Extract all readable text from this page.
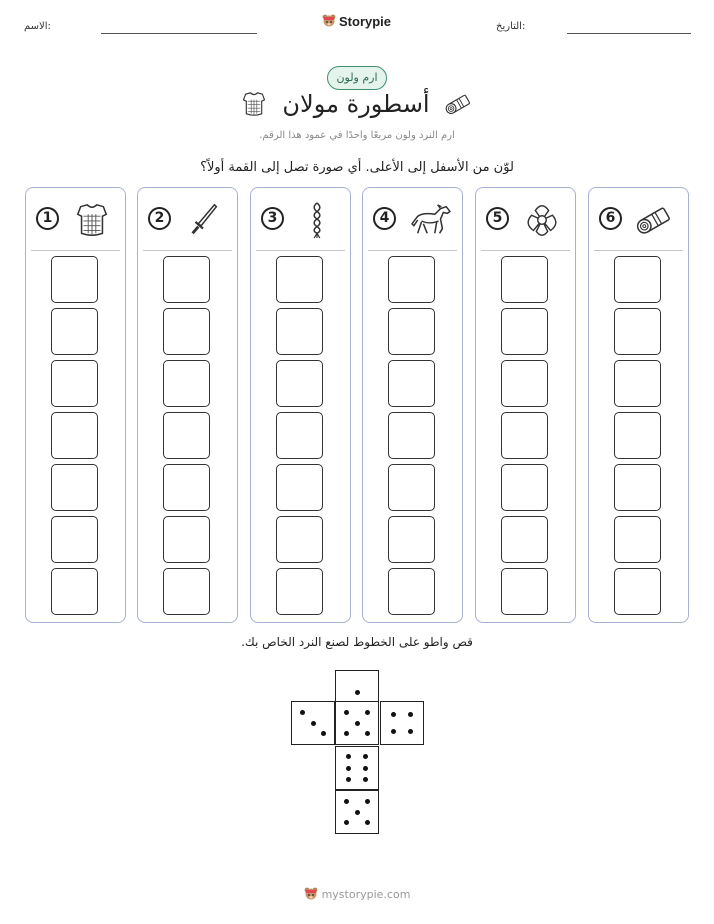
الاسم:	Storypie	التاريخ:
ارم ولون
أسطورة مولان
ارم النرد ولون مربعًا واحدًا في عمود هذا الرقم.
لوّن من الأسفل إلى الأعلى. أي صورة تصل إلى القمة أولاً؟
1	2	3	4	5	6
قص واطو على الخطوط لصنع النرد الخاص بك.
mystorypie.com
